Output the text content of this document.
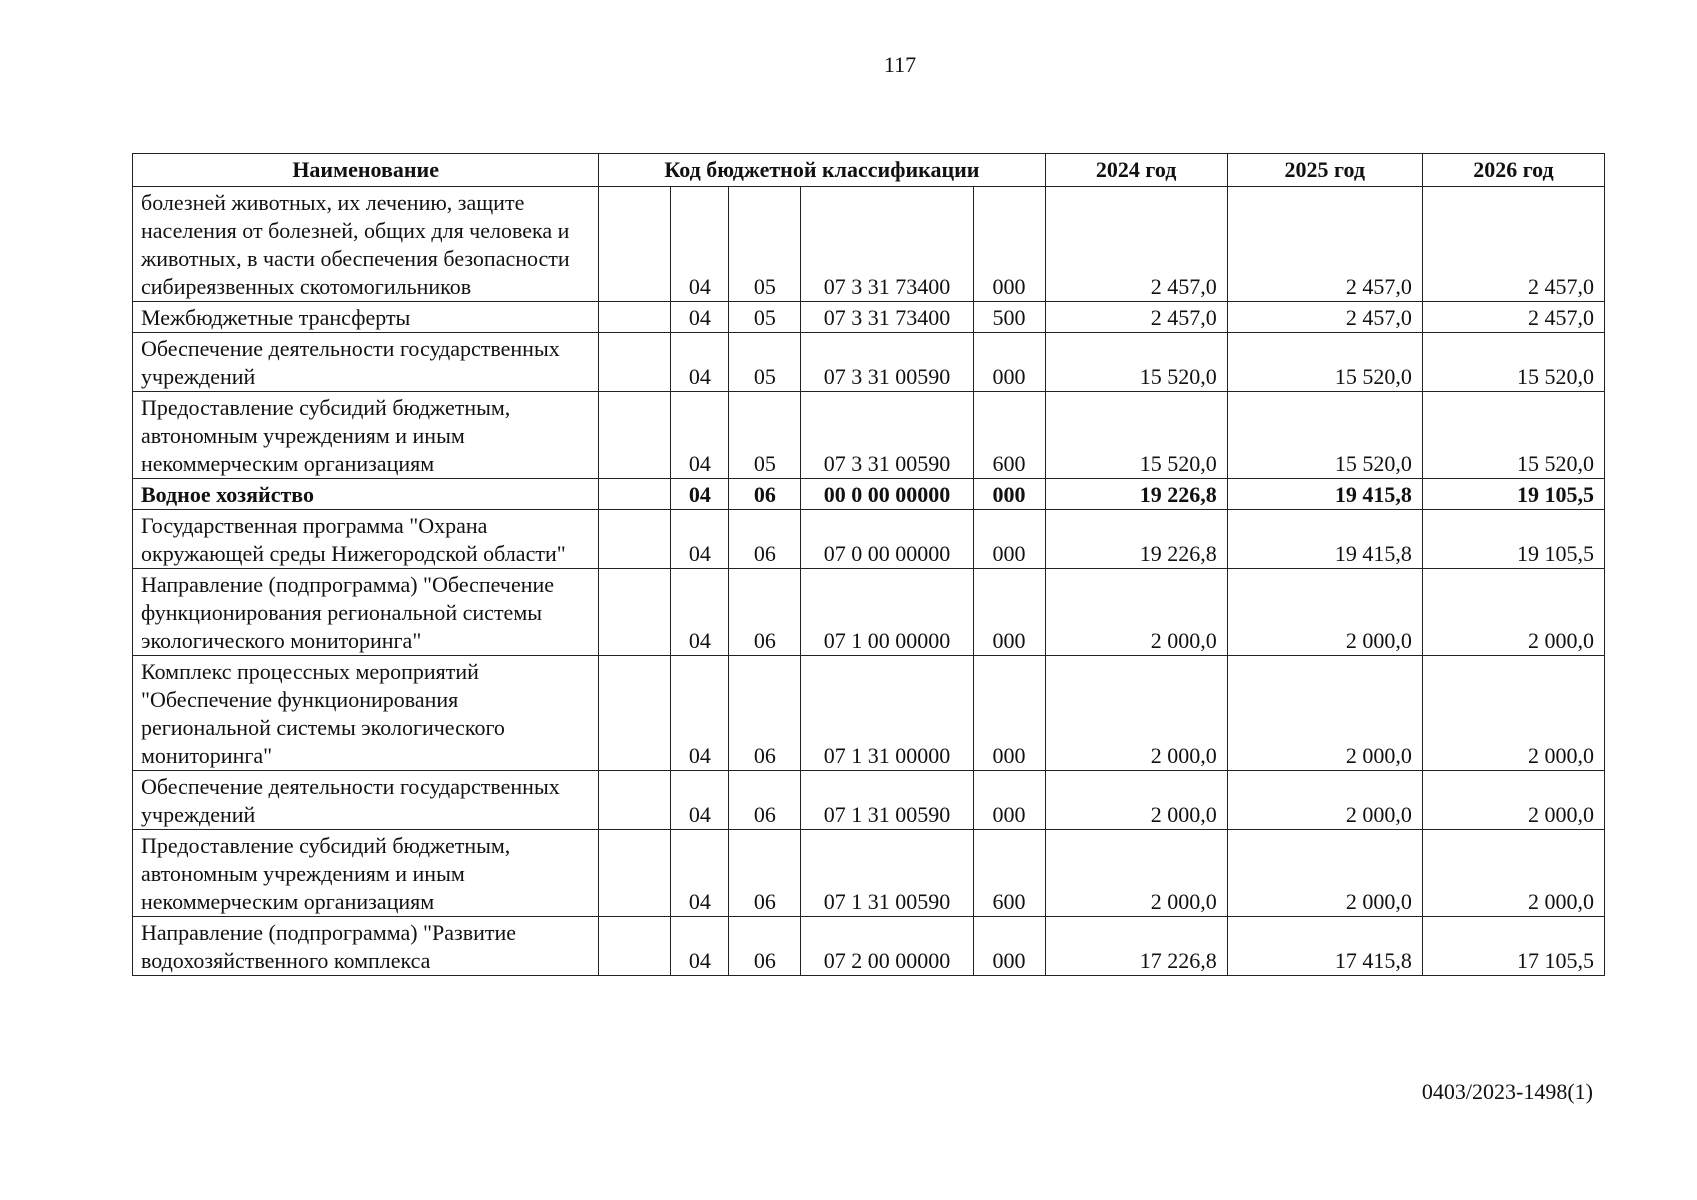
117
Наименование	Код бюджетной классификации					2024 год	2025 год	2026 год
болезней животных, их лечению, защите населения от болезней, общих для человека и животных, в части обеспечения безопасности сибиреязвенных скотомогильников		04	05	07 3 31 73400	000	2 457,0	2 457,0	2 457,0
Межбюджетные трансферты		04	05	07 3 31 73400	500	2 457,0	2 457,0	2 457,0
Обеспечение деятельности государственных учреждений		04	05	07 3 31 00590	000	15 520,0	15 520,0	15 520,0
Предоставление субсидий бюджетным, автономным учреждениям и иным некоммерческим организациям		04	05	07 3 31 00590	600	15 520,0	15 520,0	15 520,0
Водное хозяйство		04	06	00 0 00 00000	000	19 226,8	19 415,8	19 105,5
Государственная программа "Охрана окружающей среды Нижегородской области"		04	06	07 0 00 00000	000	19 226,8	19 415,8	19 105,5
Направление (подпрограмма) "Обеспечение функционирования региональной системы экологического мониторинга"		04	06	07 1 00 00000	000	2 000,0	2 000,0	2 000,0
Комплекс процессных мероприятий "Обеспечение функционирования региональной системы экологического мониторинга"		04	06	07 1 31 00000	000	2 000,0	2 000,0	2 000,0
Обеспечение деятельности государственных учреждений		04	06	07 1 31 00590	000	2 000,0	2 000,0	2 000,0
Предоставление субсидий бюджетным, автономным учреждениям и иным некоммерческим организациям		04	06	07 1 31 00590	600	2 000,0	2 000,0	2 000,0
Направление (подпрограмма) "Развитие водохозяйственного комплекса		04	06	07 2 00 00000	000	17 226,8	17 415,8	17 105,5
0403/2023-1498(1)
